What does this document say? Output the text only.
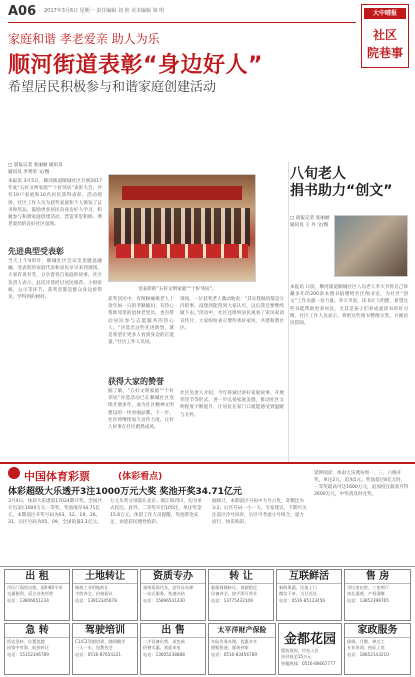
A06 2017年3月6日 星期一 责任编辑 刘 艳 美术编辑 梁 明	大中晴报
社区
院巷事
家庭和谐 孝老爱亲 助人为乐
顺河街道表彰“身边好人”
希望居民积极参与和谐家庭创建活动
□ 晨报记者 张丽丽 通讯员
通讯员 李秀荣 文/图
本报讯 3月5日，顺河街道顺城社区开展2017年度“五好文明家庭”“十好邻居”表彰大会，共有10户家庭和10名居民获得表彰。活动现场，社区工作人员为获奖家庭和个人颁发了证书和奖品，鼓励更多居民向身边好人学习，积极参与和谐家庭创建活动，营造邻里和睦、尊老爱幼的良好社区氛围。
先进典型受表彰
当天上午9时许，顺城社区会议室里暖意融融，受表彰的家庭代表和居民早早来到现场。大家有说有笑，分享着各自家庭的故事。社区负责人表示，此次评选经过居民推荐、小组审核、公示等环节，获奖者都是群众身边看得见、学得到的榜样。
受表彰的“五好文明家庭”“十好邻居”。
获奖居民中，有照顾瘫痪老人十余年如一日的孝顺媳妇，有热心帮助邻里的退休老党员，也有带动居民参与志愿服务的热心人。“评选出这些先进典型，就是希望让更多人看到身边的正能量。”社区工作人员说。
获得大家的赞誉
据了解，“五好文明家庭”“十好邻居”评选活动已在顺城社区连续开展多年，成为社区精神文明建设的一块亮丽品牌。下一步，社区将继续加大宣传力度，让好人好事在社区蔚然成风。
现场，一位获奖老人激动地说：“其实我做的都是分内的事，没想到能得到大家认可，以后我还要继续做下去。”活动中，社区还组织居民观看了家风家训宣传片，大家纷纷表示要传承好家风，共建和谐社区。
社区负责人介绍，今年将通过讲好家庭故事、开展邻里节等形式，进一步弘扬家庭美德，推动社区文明程度不断提升，让居民在家门口就能感受到温暖与关怀。
八旬老人
捐书助力“创文”
□ 晨报记者 张丽丽 通讯员 王 丹 文/图
本报讯 日前，顺河街道顺城社区八旬老人李大爷将自己珍藏多年的200余本图书捐赠给社区图书室，为社区“创文”工作贡献一份力量。李大爷说，读书让人明理，希望这些书能帮助更多居民，尤其是孩子们养成爱读书的好习惯。社区工作人员表示，将把这些图书整理分类，方便居民借阅。
中国体育彩票	(体彩看点)
体彩超级大乐透开3注1000万元大奖 奖池开奖34.71亿元
3月4日，体彩大乐透第17024期开奖，全国共开出3注1000万元一等奖，奖池滚存34.71亿元。本期前区开奖号码为03、12、19、26、31，后区号码为05、09，全国销量2.1亿元。
万元头奖分别落在北京、浙江和四川，均为单式投注。此外，二等奖开出105注，单注奖金15.6万元。体彩工作人员提醒，奖池资金充足，欢迎彩民理性购彩。
据统计，本期前区号码中大号占优，奇偶比为3:2；后区号码一小一大。专家建议，下期可关注前区冷号回补，后区可考虑小号组合，量力而行，快乐购彩。
延伸阅读：体彩大乐透每周一、三、六晚开奖，单注2元，追加1元。奖池超过8亿元时，一等奖最高可达1600万元，追加投注最高可得2600万元，中奖请及时兑奖。
出 租
市区门面房出租，面积80平米
交通便利，适合各类经营
电话：13806651234
土地转让
城郊工业用地转让
手续齐全，价格面议
电话：13912345678
资质专办
建筑资质代办，安许证办理
一站式服务，快速办结
电话：15896541230
转 让
临街商铺转让，客源稳定
设备齐全，接手即可营业
电话：13775432109
互联鲜活
新鲜果蔬，送货上门
微信下单，当日送达
电话：0516-85123456
售 房
学区房出售，三室两厅
南北通透，产权清晰
电话：13852398765
急 转
饭店急转，位置优越
因家中有事，低价转让
电话：15152346789
驾驶培训
C1/C2驾照培训，随到随学
一人一车，包教包会
电话：0516-87654321
出 售
二手设备出售，成色新
价格实惠，欢迎来电
电话：13605238888
太平洋财产保险
车险业务办理，优惠多多
理赔快速，服务到家
电话：0516-83456789
金都花园
精装现房，拎包入住
首付低至15万元
售楼热线：0516-86667777
家政服务
保姆、月嫂、钟点工
专业培训，持证上岗
电话：18652143210
